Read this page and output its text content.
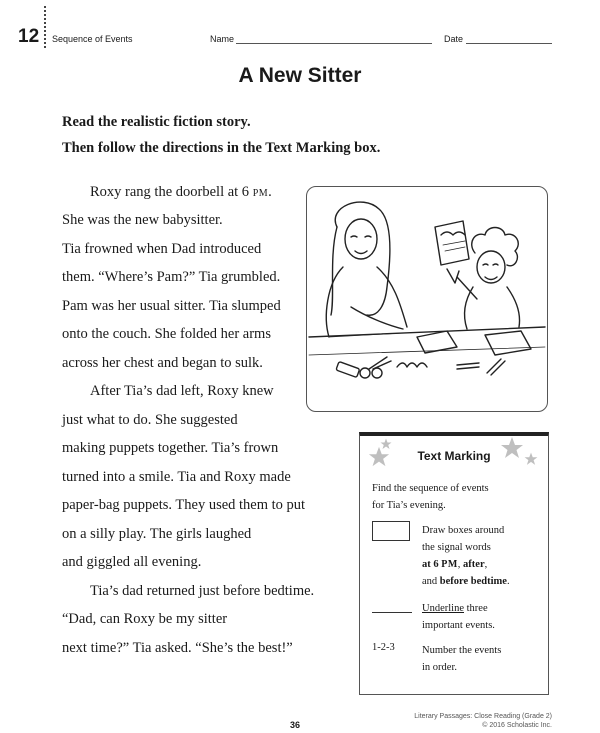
12 Sequence of Events	Name	Date
A New Sitter
Read the realistic fiction story.
Then follow the directions in the Text Marking box.
Roxy rang the doorbell at 6 PM.
She was the new babysitter.
Tia frowned when Dad introduced
them. “Where’s Pam?” Tia grumbled.
Pam was her usual sitter. Tia slumped
onto the couch. She folded her arms
across her chest and began to sulk.
After Tia’s dad left, Roxy knew
just what to do. She suggested
making puppets together. Tia’s frown
turned into a smile. Tia and Roxy made
paper-bag puppets. They used them to put
on a silly play. The girls laughed
and giggled all evening.
Tia’s dad returned just before bedtime.
“Dad, can Roxy be my sitter
next time?” Tia asked. “She’s the best!”
Text Marking
Find the sequence of events
for Tia’s evening.
Draw boxes around
the signal words
at 6 PM, after,
and before bedtime.
Underline three
important events.
1-2-3	Number the events
in order.
36
Literary Passages: Close Reading (Grade 2)
© 2016 Scholastic Inc.
